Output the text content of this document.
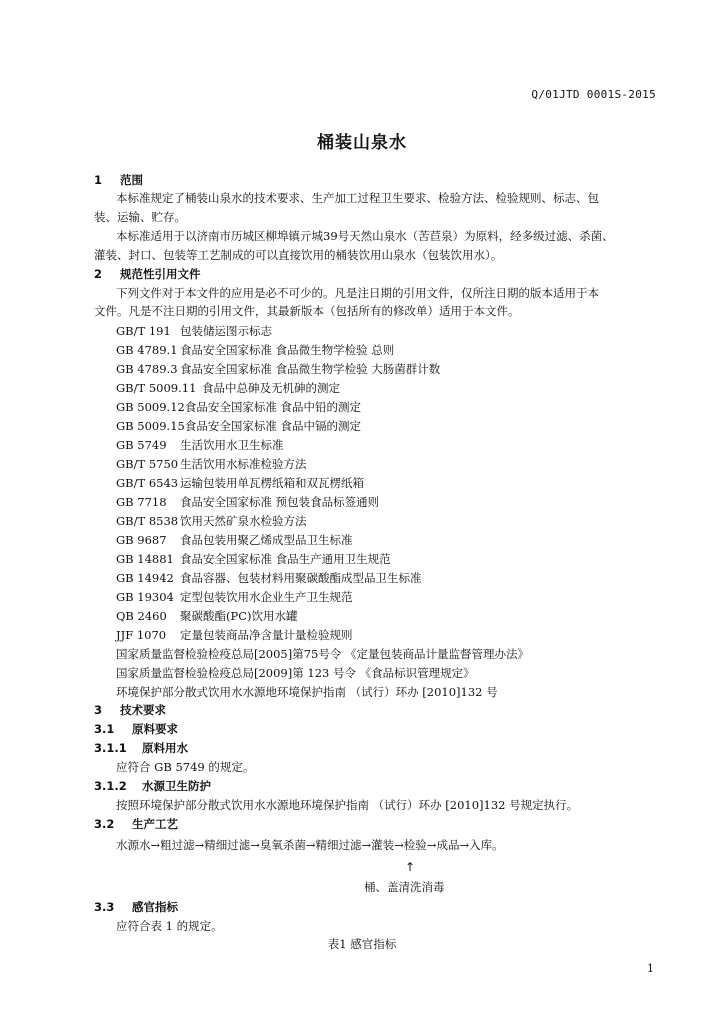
Q/01JTD 0001S-2015
桶装山泉水
1 范围
本标准规定了桶装山泉水的技术要求、生产加工过程卫生要求、检验方法、检验规则、标志、包
装、运输、贮存。
本标准适用于以济南市历城区柳埠镇亓城39号天然山泉水（苦苣泉）为原料，经多级过滤、杀菌、
灌装、封口、包装等工艺制成的可以直接饮用的桶装饮用山泉水（包装饮用水）。
2 规范性引用文件
下列文件对于本文件的应用是必不可少的。凡是注日期的引用文件，仅所注日期的版本适用于本
文件。凡是不注日期的引用文件，其最新版本（包括所有的修改单）适用于本文件。
GB/T 191 包装储运图示标志
GB 4789.1 食品安全国家标准 食品微生物学检验 总则
GB 4789.3 食品安全国家标准 食品微生物学检验 大肠菌群计数
GB/T 5009.11 食品中总砷及无机砷的测定
GB 5009.12食品安全国家标准 食品中铅的测定
GB 5009.15食品安全国家标准 食品中镉的测定
GB 5749 生活饮用水卫生标准
GB/T 5750 生活饮用水标准检验方法
GB/T 6543 运输包装用单瓦楞纸箱和双瓦楞纸箱
GB 7718 食品安全国家标准 预包装食品标签通则
GB/T 8538 饮用天然矿泉水检验方法
GB 9687 食品包装用聚乙烯成型品卫生标准
GB 14881 食品安全国家标准 食品生产通用卫生规范
GB 14942 食品容器、包装材料用聚碳酸酯成型品卫生标准
GB 19304 定型包装饮用水企业生产卫生规范
QB 2460 聚碳酸酯(PC)饮用水罐
JJF 1070 定量包装商品净含量计量检验规则
国家质量监督检验检疫总局[2005]第75号令 《定量包装商品计量监督管理办法》
国家质量监督检验检疫总局[2009]第 123 号令 《食品标识管理规定》
环境保护部分散式饮用水水源地环境保护指南 （试行）环办 [2010]132 号
3 技术要求
3.1 原料要求
3.1.1 原料用水
应符合 GB 5749 的规定。
3.1.2 水源卫生防护
按照环境保护部分散式饮用水水源地环境保护指南 （试行）环办 [2010]132 号规定执行。
3.2 生产工艺
水源水→粗过滤→精细过滤→臭氧杀菌→精细过滤→灌装→检验→成品→入库。
↑
桶、盖清洗消毒
3.3 感官指标
应符合表 1 的规定。
表1 感官指标
1
